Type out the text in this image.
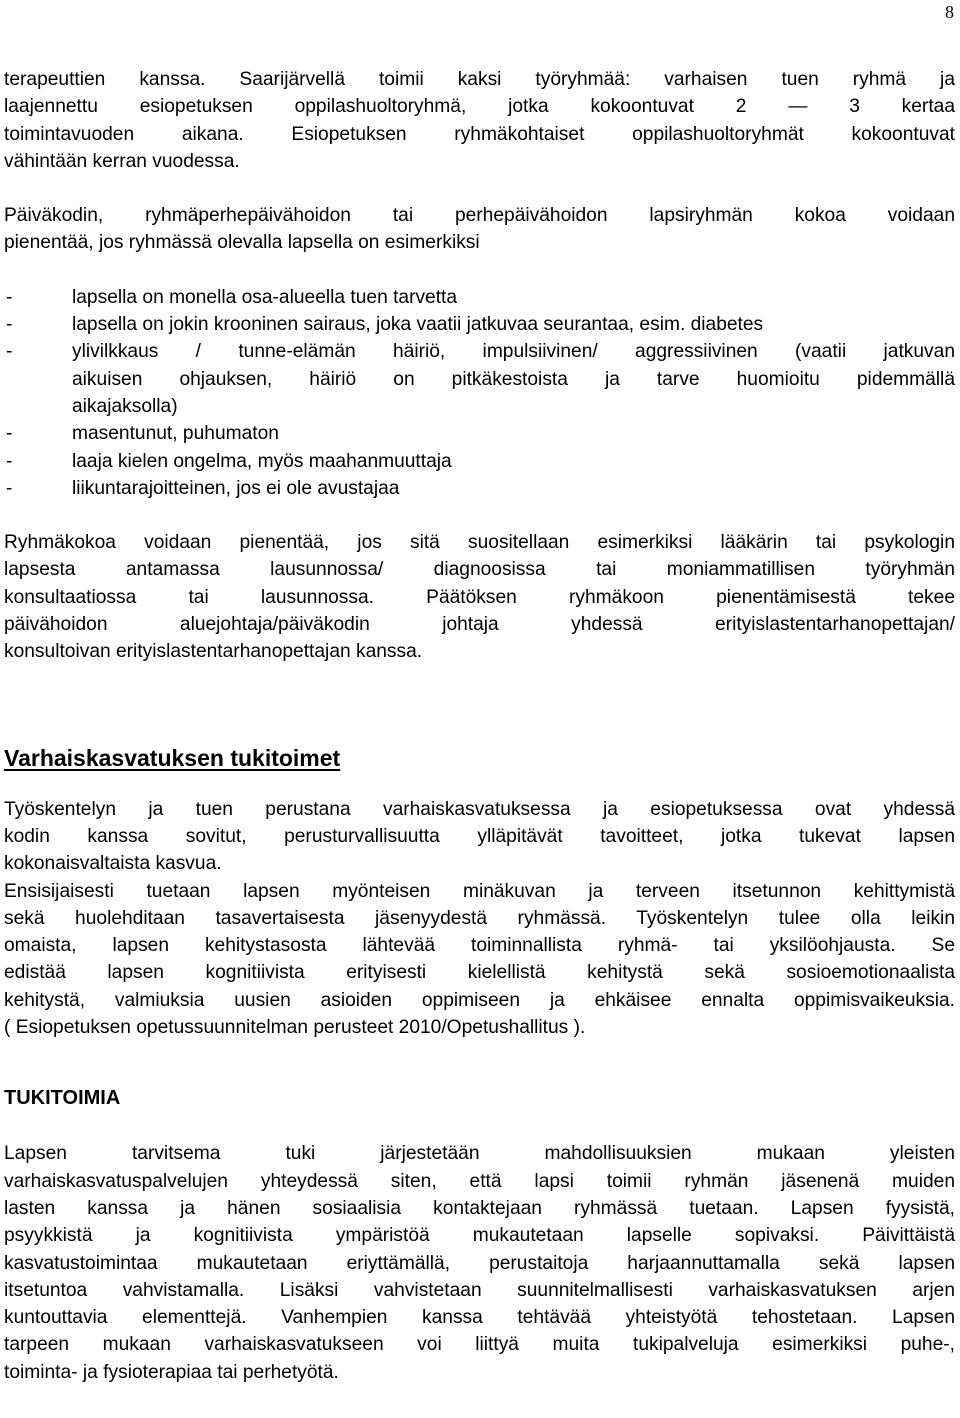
8

terapeuttien kanssa. Saarijärvellä toimii kaksi työryhmää: varhaisen tuen ryhmä ja
laajennettu esiopetuksen oppilashuoltoryhmä, jotka kokoontuvat 2 — 3 kertaa
toimintavuoden aikana. Esiopetuksen ryhmäkohtaiset oppilashuoltoryhmät kokoontuvat
vähintään kerran vuodessa.

Päiväkodin, ryhmäperhepäivähoidon tai perhepäivähoidon lapsiryhmän kokoa voidaan
pienentää, jos ryhmässä olevalla lapsella on esimerkiksi

-	lapsella on monella osa-alueella tuen tarvetta
-	lapsella on jokin krooninen sairaus, joka vaatii jatkuvaa seurantaa, esim. diabetes
-	ylivilkkaus / tunne-elämän häiriö, impulsiivinen/ aggressiivinen (vaatii jatkuvan
aikuisen ohjauksen, häiriö on pitkäkestoista ja tarve huomioitu pidemmällä
aikajaksolla)
-	masentunut, puhumaton
-	laaja kielen ongelma, myös maahanmuuttaja
-	liikuntarajoitteinen, jos ei ole avustajaa

Ryhmäkokoa voidaan pienentää, jos sitä suositellaan esimerkiksi lääkärin tai psykologin
lapsesta antamassa lausunnossa/ diagnoosissa tai moniammatillisen työryhmän
konsultaatiossa tai lausunnossa. Päätöksen ryhmäkoon pienentämisestä tekee
päivähoidon aluejohtaja/päiväkodin johtaja yhdessä erityislastentarhanopettajan/
konsultoivan erityislastentarhanopettajan kanssa.

Varhaiskasvatuksen tukitoimet

Työskentelyn ja tuen perustana varhaiskasvatuksessa ja esiopetuksessa ovat yhdessä
kodin kanssa sovitut, perusturvallisuutta ylläpitävät tavoitteet, jotka tukevat lapsen
kokonaisvaltaista kasvua.

Ensisijaisesti tuetaan lapsen myönteisen minäkuvan ja terveen itsetunnon kehittymistä
sekä huolehditaan tasavertaisesta jäsenyydestä ryhmässä. Työskentelyn tulee olla leikin
omaista, lapsen kehitystasosta lähtevää toiminnallista ryhmä- tai yksilöohjausta. Se
edistää lapsen kognitiivista erityisesti kielellistä kehitystä sekä sosioemotionaalista
kehitystä, valmiuksia uusien asioiden oppimiseen ja ehkäisee ennalta oppimisvaikeuksia.
( Esiopetuksen opetussuunnitelman perusteet 2010/Opetushallitus ).

TUKITOIMIA

Lapsen tarvitsema tuki järjestetään mahdollisuuksien mukaan yleisten
varhaiskasvatuspalvelujen yhteydessä siten, että lapsi toimii ryhmän jäsenenä muiden
lasten kanssa ja hänen sosiaalisia kontaktejaan ryhmässä tuetaan. Lapsen fyysistä,
psyykkistä ja kognitiivista ympäristöä mukautetaan lapselle sopivaksi. Päivittäistä
kasvatustoimintaa mukautetaan eriyttämällä, perustaitoja harjaannuttamalla sekä lapsen
itsetuntoa vahvistamalla. Lisäksi vahvistetaan suunnitelmallisesti varhaiskasvatuksen arjen
kuntouttavia elementtejä. Vanhempien kanssa tehtävää yhteistyötä tehostetaan. Lapsen
tarpeen mukaan varhaiskasvatukseen voi liittyä muita tukipalveluja esimerkiksi puhe-,
toiminta- ja fysioterapiaa tai perhetyötä.
